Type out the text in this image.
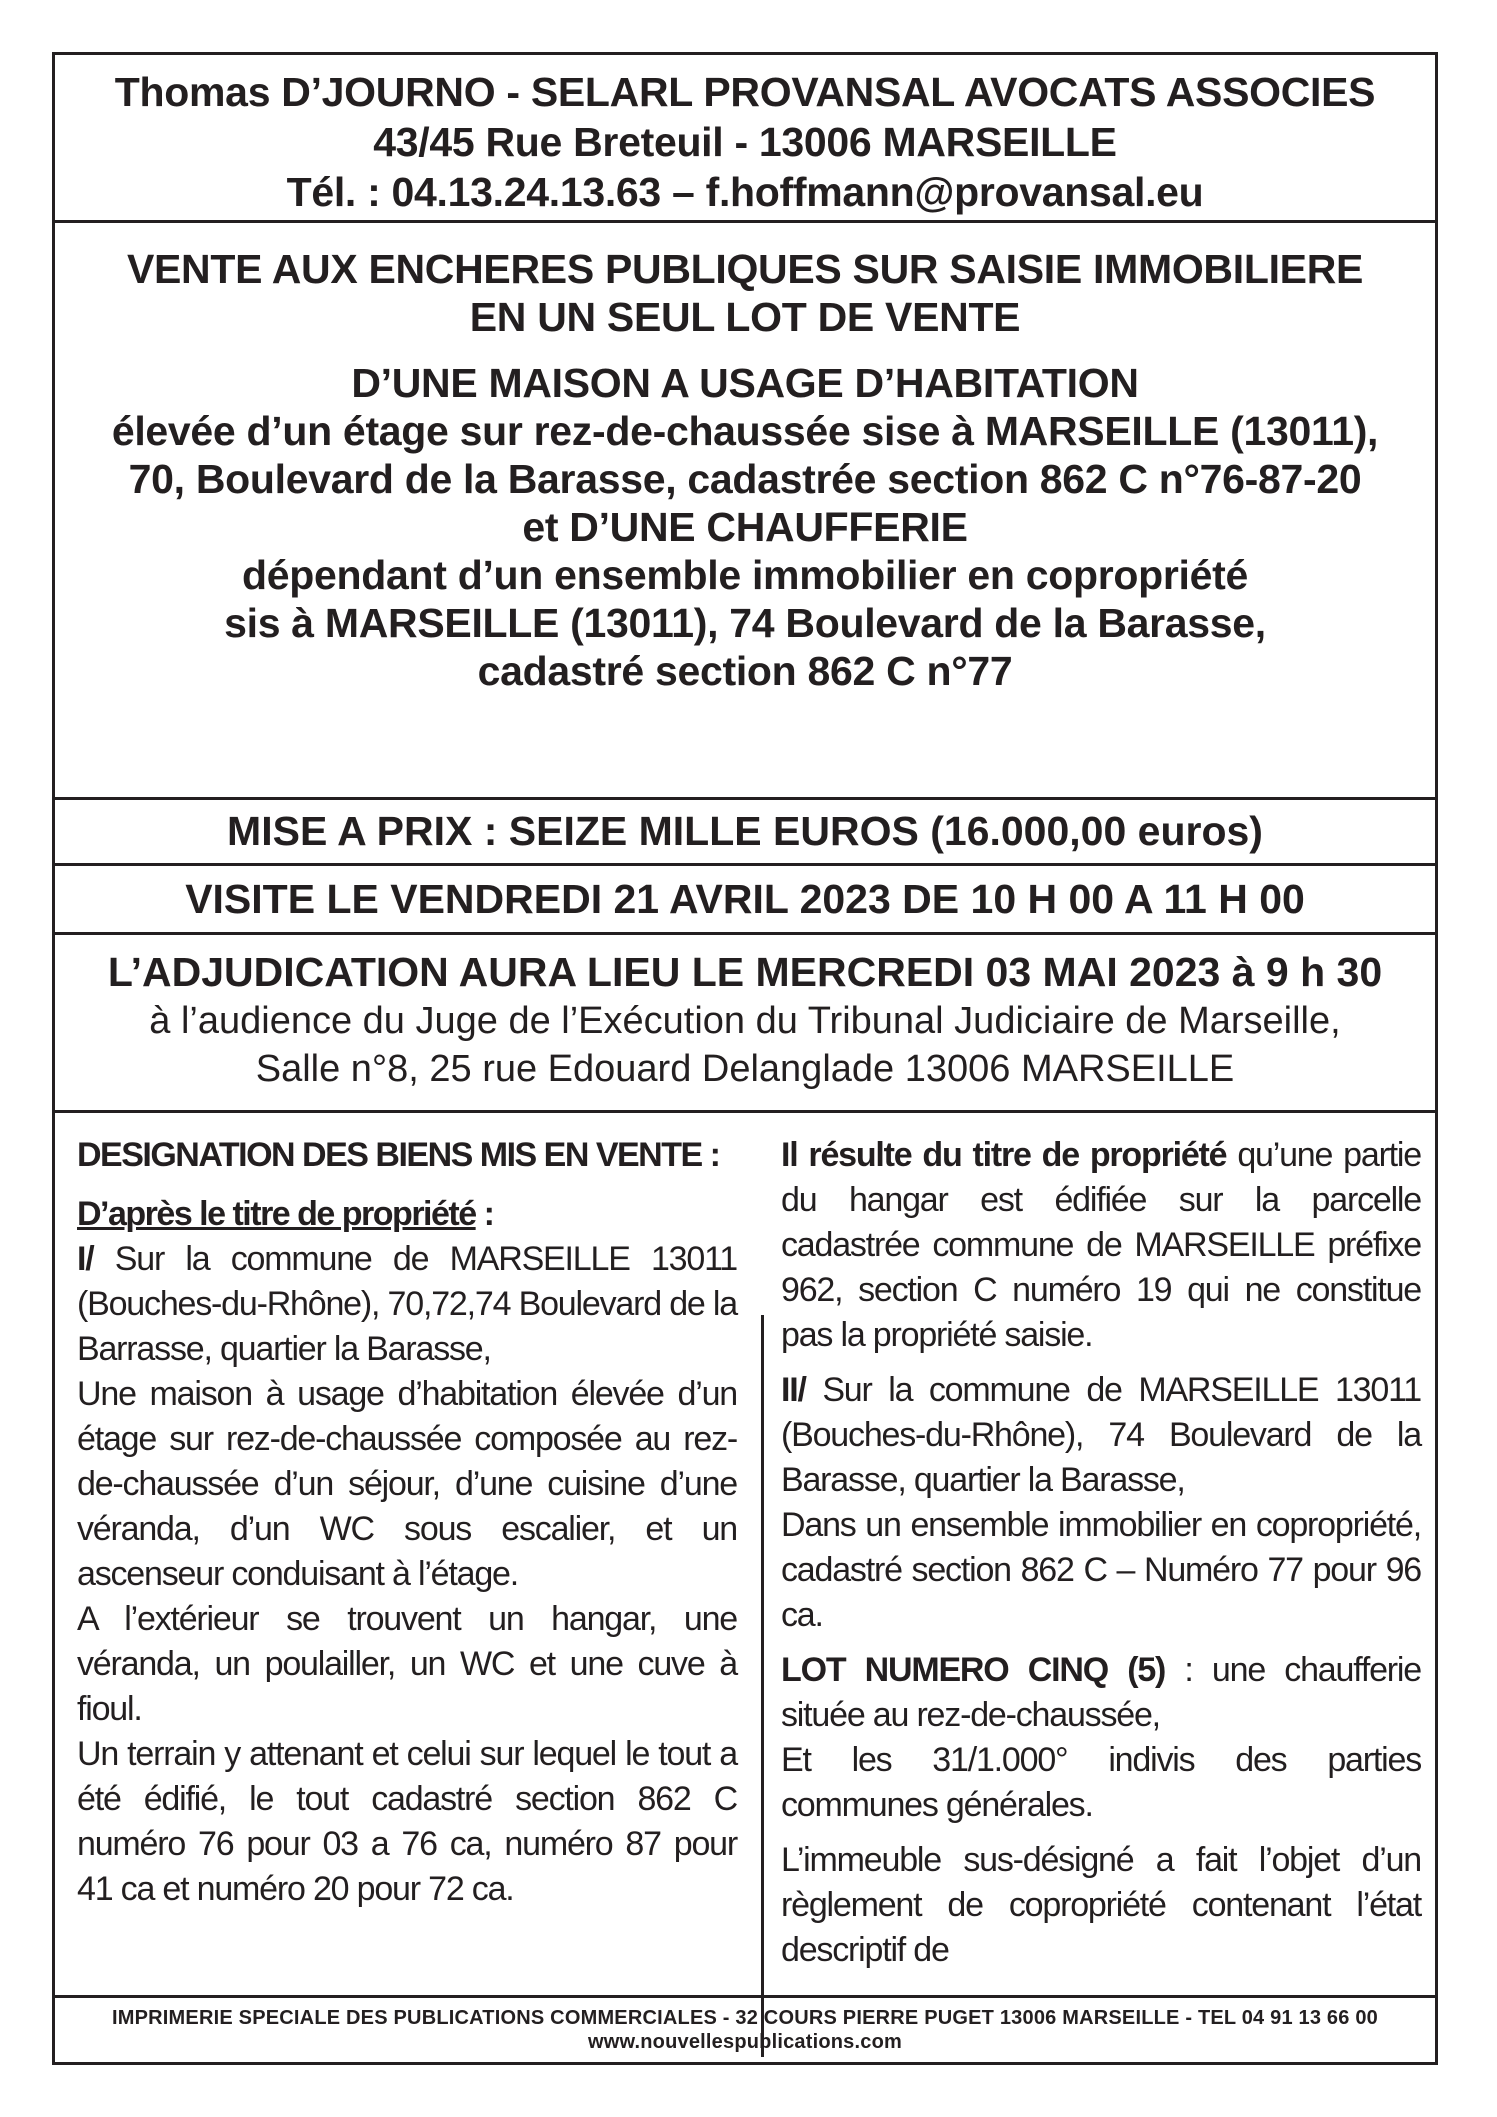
Thomas D’JOURNO - SELARL PROVANSAL AVOCATS ASSOCIES
43/45 Rue Breteuil - 13006 MARSEILLE
Tél. : 04.13.24.13.63 – f.hoffmann@provansal.eu
VENTE AUX ENCHERES PUBLIQUES SUR SAISIE IMMOBILIERE
EN UN SEUL LOT DE VENTE
D’UNE MAISON A USAGE D’HABITATION
élevée d’un étage sur rez-de-chaussée sise à MARSEILLE (13011),
70, Boulevard de la Barasse, cadastrée section 862 C n°76-87-20
et D’UNE CHAUFFERIE
dépendant d’un ensemble immobilier en copropriété
sis à MARSEILLE (13011), 74 Boulevard de la Barasse,
cadastré section 862 C n°77
MISE A PRIX : SEIZE MILLE EUROS (16.000,00 euros)
VISITE LE VENDREDI 21 AVRIL 2023 DE 10 H 00 A 11 H 00
L’ADJUDICATION AURA LIEU LE MERCREDI 03 MAI 2023 à 9 h 30
à l’audience du Juge de l’Exécution du Tribunal Judiciaire de Marseille,
Salle n°8, 25 rue Edouard Delanglade 13006 MARSEILLE

DESIGNATION DES BIENS MIS EN VENTE :

D’après le titre de propriété :

I/ Sur la commune de MARSEILLE 13011 (Bouches-du-Rhône), 70,72,74 Boulevard de la Barrasse, quartier la Barasse,

Une maison à usage d’habitation élevée d’un étage sur rez-de-chaussée composée au rez-de-chaussée d’un séjour, d’une cuisine d’une véranda, d’un WC sous escalier, et un ascenseur conduisant à l’étage.

A l’extérieur se trouvent un hangar, une véranda, un poulailler, un WC et une cuve à fioul.

Un terrain y attenant et celui sur lequel le tout a été édifié, le tout cadastré section 862 C numéro 76 pour 03 a 76 ca, numéro 87 pour 41 ca et numéro 20 pour 72 ca.

Il résulte du titre de propriété qu’une partie du hangar est édifiée sur la parcelle cadastrée commune de MARSEILLE préfixe 962, section C numéro 19 qui ne constitue pas la propriété saisie.

II/ Sur la commune de MARSEILLE 13011 (Bouches-du-Rhône), 74 Boulevard de la Barasse, quartier la Barasse,

Dans un ensemble immobilier en copropriété, cadastré section 862 C – Numéro 77 pour 96 ca.

LOT NUMERO CINQ (5) : une chaufferie située au rez-de-chaussée,

Et les 31/1.000° indivis des parties communes générales.

L’immeuble sus-désigné a fait l’objet d’un règlement de copropriété contenant l’état descriptif de

IMPRIMERIE SPECIALE DES PUBLICATIONS COMMERCIALES - 32 COURS PIERRE PUGET 13006 MARSEILLE - TEL 04 91 13 66 00
www.nouvellespublications.com
